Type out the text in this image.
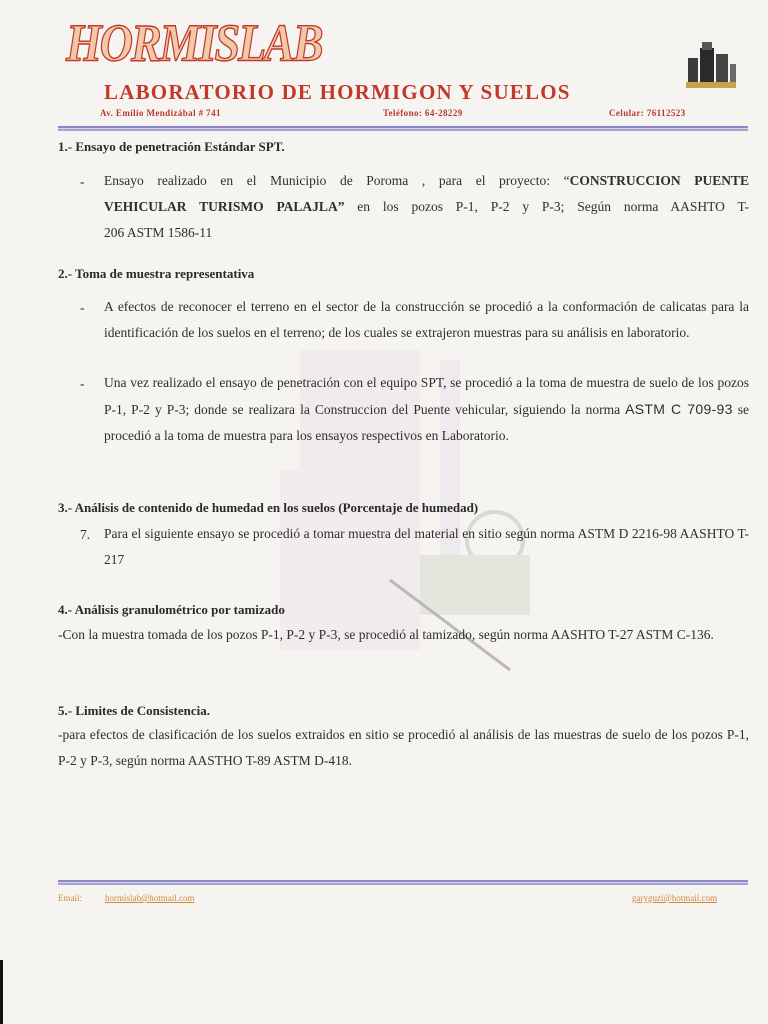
HORMISLAB
LABORATORIO DE HORMIGON Y SUELOS
Av. Emilio Mendizábal # 741	Teléfono: 64-28229	Celular: 76112523
1.- Ensayo de penetración Estándar SPT.
- Ensayo realizado en el Municipio de Poroma , para el proyecto: “CONSTRUCCION PUENTE
VEHICULAR TURISMO PALAJLA” en los pozos P-1, P-2 y P-3; Según norma AASHTO T-
206 ASTM 1586-11
2.- Toma de muestra representativa
- A efectos de reconocer el terreno en el sector de la construcción se procedió a la conformación de calicatas para la identificación de los suelos en el terreno; de los cuales se extrajeron muestras para su análisis en laboratorio.
- Una vez realizado el ensayo de penetración con el equipo SPT, se procedió a la toma de muestra de suelo de los pozos P-1, P-2 y P-3; donde se realizara la Construccion del Puente vehicular, siguiendo la norma ASTM C 709-93 se procedió a la toma de muestra para los ensayos respectivos en Laboratorio.
3.- Análisis de contenido de humedad en los suelos (Porcentaje de humedad)
7. Para el siguiente ensayo se procedió a tomar muestra del material en sitio según norma ASTM D 2216-98 AASHTO T-217
4.- Análisis granulométrico por tamizado
-Con la muestra tomada de los pozos P-1, P-2 y P-3, se procedió al tamizado, según norma AASHTO T-27 ASTM C-136.
5.- Limites de Consistencia.
-para efectos de clasificación de los suelos extraidos en sitio se procedió al análisis de las muestras de suelo de los pozos P-1, P-2 y P-3, según norma AASTHO T-89 ASTM D-418.
Email:	hormislab@hotmail.com	garyguzi@hotmail.com
